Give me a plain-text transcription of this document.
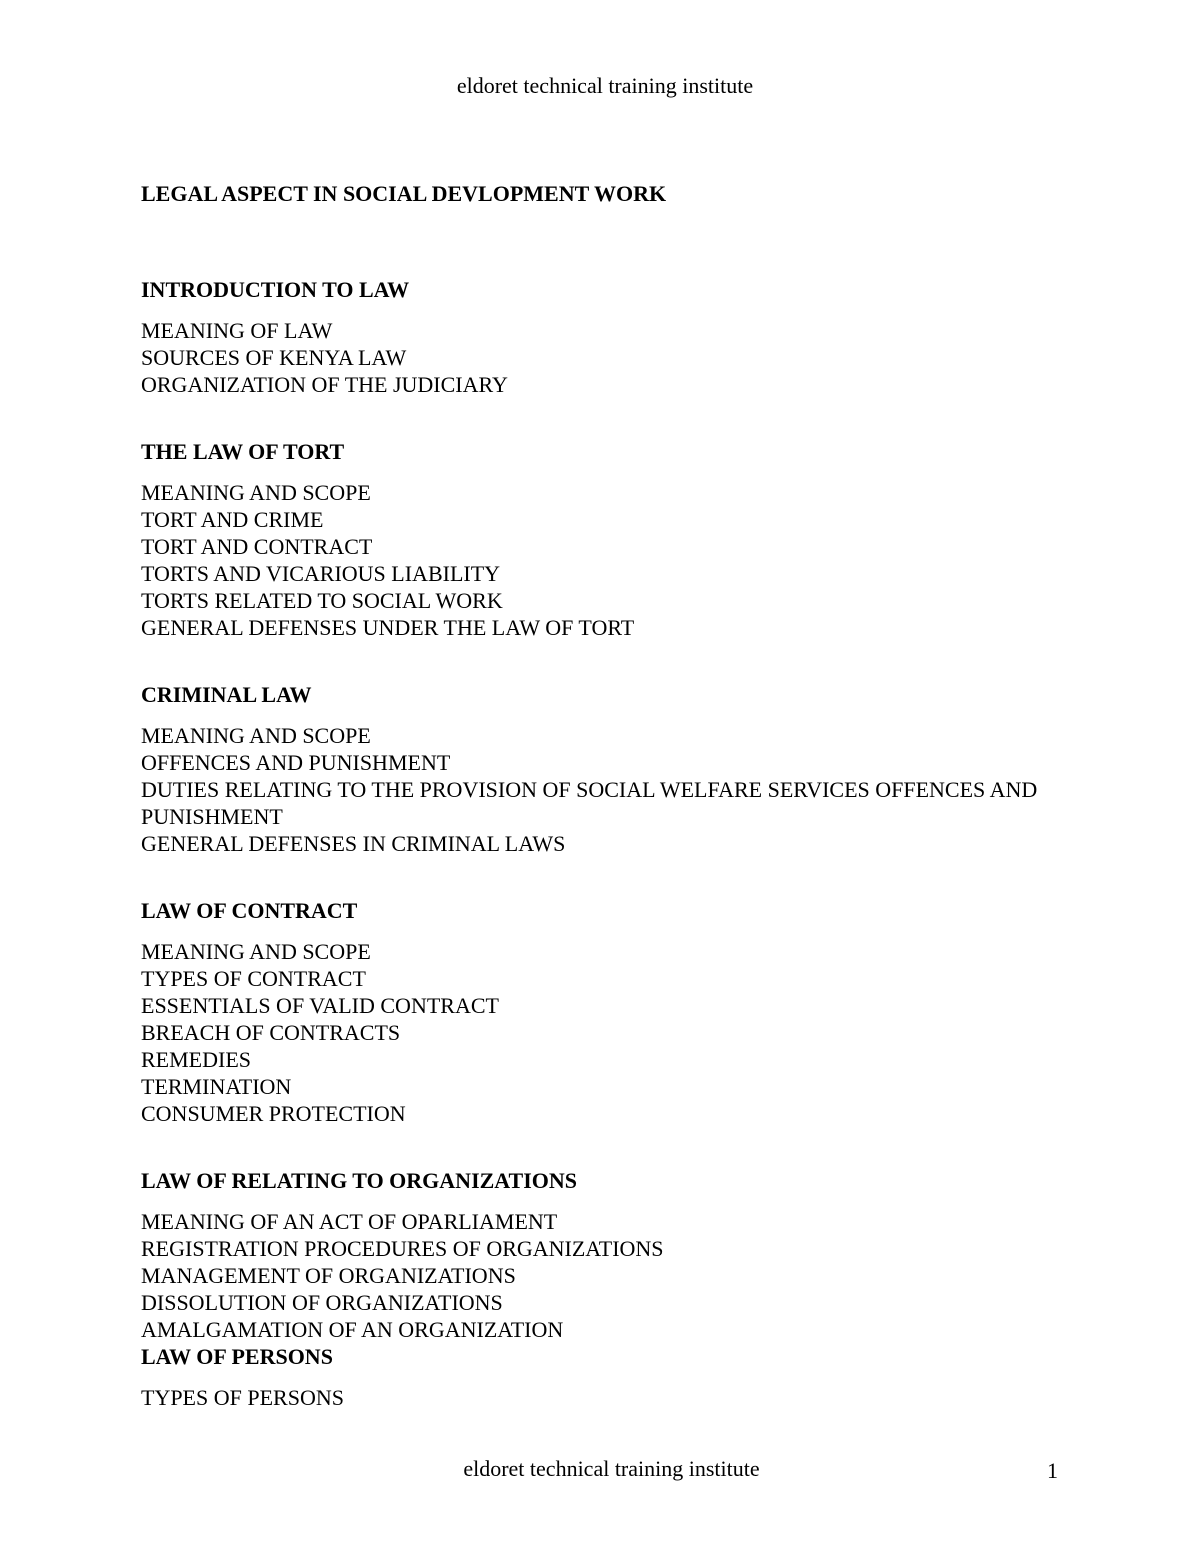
eldoret technical training institute
LEGAL ASPECT IN SOCIAL DEVLOPMENT WORK
INTRODUCTION TO LAW
MEANING OF LAW
SOURCES OF KENYA LAW
ORGANIZATION OF THE JUDICIARY
THE LAW OF TORT
MEANING AND SCOPE
TORT AND CRIME
TORT AND CONTRACT
TORTS AND VICARIOUS LIABILITY
TORTS RELATED TO SOCIAL WORK
GENERAL DEFENSES UNDER THE LAW OF TORT
CRIMINAL LAW
MEANING AND SCOPE
OFFENCES AND PUNISHMENT
DUTIES RELATING TO THE PROVISION OF SOCIAL WELFARE SERVICES OFFENCES AND PUNISHMENT
GENERAL DEFENSES IN CRIMINAL LAWS
LAW OF CONTRACT
MEANING AND SCOPE
TYPES OF CONTRACT
ESSENTIALS OF VALID CONTRACT
BREACH OF CONTRACTS
REMEDIES
TERMINATION
CONSUMER PROTECTION
LAW OF RELATING TO ORGANIZATIONS
MEANING OF AN ACT OF OPARLIAMENT
REGISTRATION PROCEDURES OF ORGANIZATIONS
MANAGEMENT OF ORGANIZATIONS
DISSOLUTION OF ORGANIZATIONS
AMALGAMATION OF AN ORGANIZATION
LAW OF PERSONS
TYPES OF PERSONS
eldoret technical training institute	1
